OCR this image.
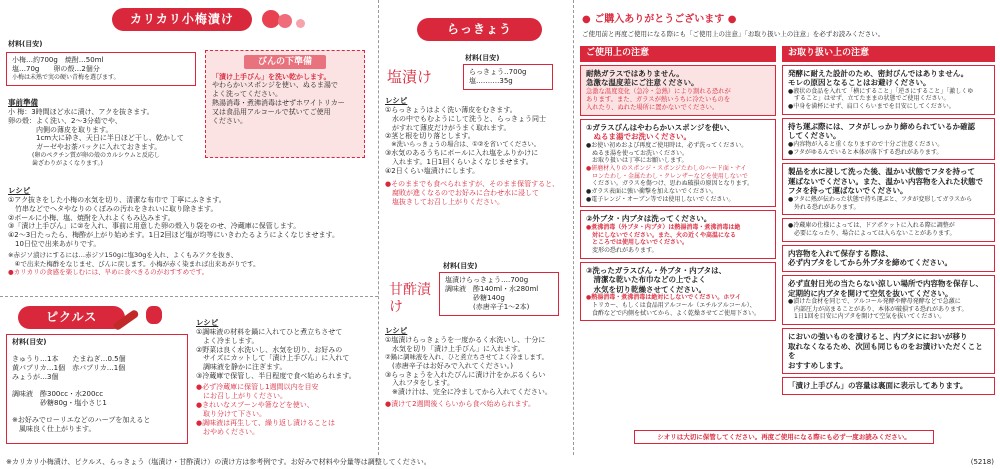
カリカリ小梅漬け

材料(目安)
小梅…約700g　焼酎…50ml
塩…70g　　卵の殻…2個分
小梅は未熟で実の硬い青梅を選びます。
びんの下準備
「漬け上手びん」を洗い乾かします。
やわらかいスポンジを使い、ぬるま湯で
よく洗ってください。
熱湯消毒・煮沸消毒はせずホワイトリカー
又は食品用アルコールで拭いてご使用
ください。
事前準備
小 梅：3時間ほど水に漬け、アクを抜きます。
卵の殻：よく洗い、2〜3分茹でや、
　　　　内側の薄皮を取ります。
　　　　1cm大に砕き、天日に半日ほど干し、乾かして
　　　　ガーゼやお茶パックに入れておきます。
　　　　(卵のぺクチン質が卵の殻のカルシウムと反応し
　　　　歯ざわりがよくなります。)
レシピ
①アク抜きをした小梅の水気を切り、清潔な布巾で 丁寧にふきます。
　竹串などでへタやなりのくぼみの汚れをきれいに取り除きます。
②ボールに小梅、塩、焼酎を入れよくもみ込みます。
③「漬け上手びん」に②を入れ、事前に用意した卵の殻入り袋をのせ、冷蔵庫に保管します。
④2〜3日たったら、梅酢が上がり始めます。1日2回ほど塩が均等にいきわたるようによくなじませます。
　10日位で出来あがりです。
※赤ジソ漬けにするには…赤ジソ150gに塩30gを入れ、よくもみアクを抜き、
　④で出来た梅酢をなじませ、びんに戻します。小梅が赤く染まれば出来あがりです。
●カリカリの食感を楽しむには、早めに食べきるのがおすすめです。
ピクルス

材料(目安)
きゅうり…1本　　たまねぎ…0.5個
黄パプリカ…1個　赤パプリカ…1個
みょうが…3個
調味液　酢300cc・水200cc
　　　　砂糖80g・塩小さじ1
※お好みでローリエなどのハーブを加えると
　風味良く仕上がります。
レシピ
①調味液の材料を鍋に入れてひと煮立ちさせて
　よく冷まします。
②野菜は良く水洗いし、水気を切り、お好みの
　サイズにカットして「漬け上手びん」に入れて
　調味液を静かに注ぎます。
③冷蔵庫で保管し、半日程度で食べ始められます。
●必ず冷蔵庫に保管し1週間以内を目安
　にお召し上がりください。
●きれいなスプーンや箸などを使い、
　取り分けて下さい。
●調味液は再生して、繰り返し漬けることは
　おやめください。
らっきょう
塩漬け
材料(目安)
らっきょう‥700g
塩‥‥‥‥‥35g
レシピ
①らっきょうはよく洗い薄皮をむきます。
　水の中でもむようにして洗うと、らっきょう同士
　がすれて薄皮だけがうまく取れます。
②茎と根を切り落とします。
　※洗いらっきょうの場合は、①②を省いてください。
③水気のあるうちにボールに入れ塩をふりかけに
　入れます。1日1回くらいよくなじませます。
④2日くらい塩漬けにします。
●そのままでも食べられますが、そのまま保管すると、
　腐敗が進くなるのでお好みに合わせ水に浸して
　塩抜きしてお召し上がりください。
材料(目安)
甘酢漬け
塩漬けらっきょう‥‥700g
調味液　酢140ml・水280ml
　　　　砂糖140g
　　　　(赤唐辛子1〜2本)
レシピ
①塩漬けらっきょうを一度かるく水洗いし、十分に
　水気を切り「漬け上手びん」に入れます。
②鍋に調味液を入れ、ひと煮立ちさせてよく冷まします。
　(赤唐辛子はお好みで入れてください。)
③らっきょうを入れたびんに漬け汁をかぶるくらい
　入れフタをします。
　※漬け汁は、完全に冷ましてから入れてください。
●漬けて2週間後くらいから食べ始められます。
● ご購入ありがとうございます ●
ご使用前と再度ご使用になる際にも「ご使用上の注意」「お取り扱い上の注意」を必ずお読みください。
ご使用上の注意
耐熱ガラスではありません。
急激な温度差にご注意ください。
急激な温度変化（急冷・急熱）により割れる恐れが
あります。また、ガラスが熱いうちに冷たいものを
入れたり、ぬれた場所に置かないでください。
①ガラスびんはやわらかいスポンジを使い、
　ぬるま湯でお洗いください。
●お使い初めおよび再度ご使用時は、必ず洗ってください。
　ぬるま湯を使ってお洗いください。
　お取り扱いは丁寧にお願いします。
●研磨材入りのスポンジ・スポンジたわしのハード面・ナイ
　ロンたわし・金属たわし・クレンザーなどを使用しないで
　ください。ガラスを傷つけ、思わぬ破損の原因となります。
●ガラス表面に強い衝撃を加えないでください。
●電子レンジ・オーブン等では使用しないでください。
②外ブタ・内ブタは洗ってください。
●煮沸消毒（外ブタ・内ブタ）は熱湯消毒・煮沸消毒は絶
　対にしないでください。また、火の近くや高温になる
　ところでは使用しないでください。
　変形の恐れがあります。
③洗ったガラスびん・外ブタ・内ブタは、
　清潔な乾いた布巾などの上でよく
　水気を切り乾燥させてください。
●熱湯消毒・煮沸消毒は絶対にしないでください。ホワイ
　トリカー、もしくは食品用アルコール（エチルアルコール）、
　食酢などで内側を拭いてから、よく乾燥させてご使用下さい。
お取り扱い上の注意
発酵に耐えた設計のため、密封びんではありません。
モレの原因となることはお避けください。
●液状の食品を入れて「横にすること」「逆さにすること」「激しくゆ
　すること」はせず、立てたままの状態でご使用ください。
●中身を満杯にせず、肩口くらいまでを目安にしてください。
持ち運ぶ際には、フタがしっかり締められているか確認
してください。
●内容物が入ると重くなりますので十分ご注意ください。
●フタがゆるんでいると本体が落下する恐れがあります。
製品を水に浸して洗った後、温かい状態でフタを持って
運ばないでください。また、温かい内容物を入れた状態で
フタを持って運ばないでください。
●フタに熱が伝わった状態で持ち運ぶと、フタが変形してガラスから
　外れる恐れがあります。
●冷蔵庫の仕様によっては、ドアポケットに入れる際に調整が
　必要になったり、場合によっては入らないことがあります。
内容物を入れて保存する際は、
必ず内ブタをしてから外ブタを締めてください。
必ず直射日光の当たらない涼しい場所で内容物を保存し、
定期的に内ブタを開けて空気を抜いてください。
●漬けた食材を同じで、アルコール発酵や酵母発酵などで急激に
　内部圧力が高まることがあり、本体が破損する恐れがあります。
　1日1回を目安に内ブタを開けて空気を抜いてください。
においの強いものを漬けると、内ブタににおいが移り
取れなくなるため、次回も同じものをお漬けいただくことを
おすすめします。
「漬け上手びん」の容量は裏面に表示してあります。
シオリは大切に保管してください。再度ご使用になる際にも必ず一度お読みください。
※カリカリ小梅漬け、ピクルス、らっきょう（塩漬け・甘酢漬け）の漬け方は参考例です。お好みで材料や分量等は調整してください。	(5218)
